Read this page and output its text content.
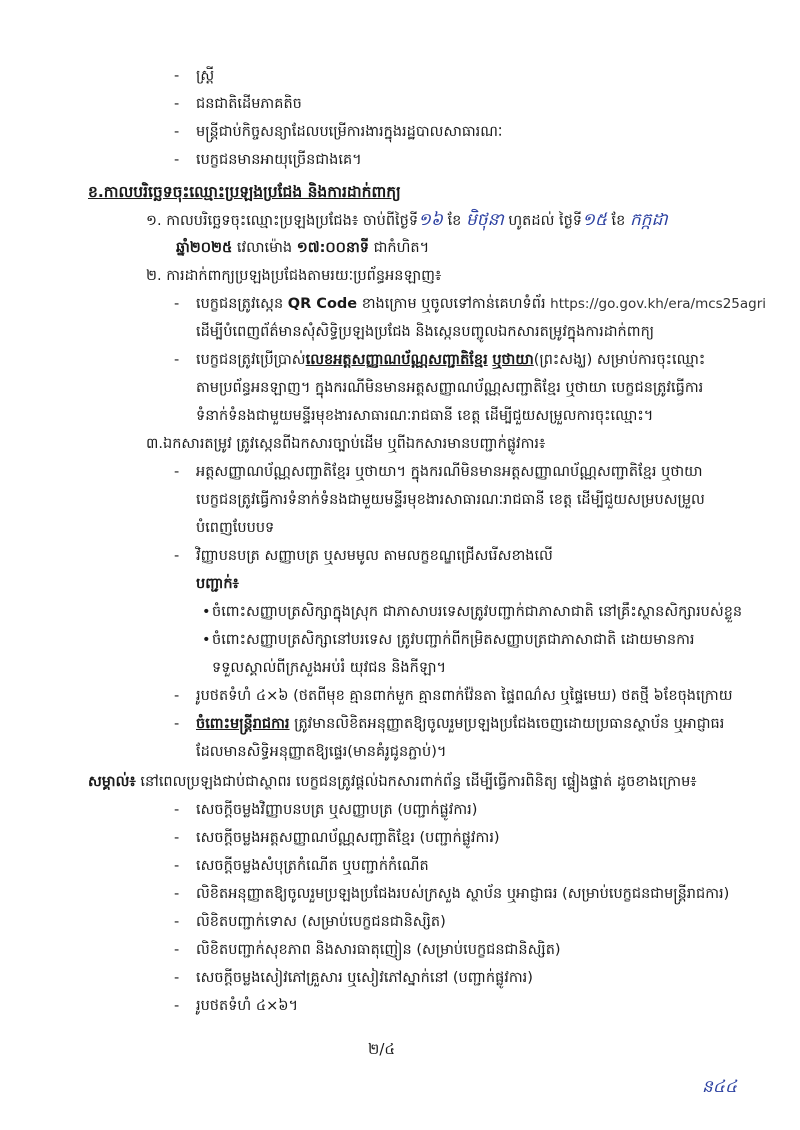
- ស្ត្រី
- ជនជាតិដើមភាគតិច
- មន្ត្រីជាប់កិច្ចសន្យាដែលបម្រើការងារក្នុងរដ្ឋបាលសាធារណៈ
- បេក្ខជនមានអាយុច្រើនជាងគេ។
ខ.កាលបរិច្ឆេទចុះឈ្មោះប្រឡងប្រជែង និងការដាក់ពាក្យ
១. កាលបរិច្ឆេទចុះឈ្មោះប្រឡងប្រជែង៖ ចាប់ពីថ្ងៃទី១៦ ខែ មិថុនា ហូតដល់ ថ្ងៃទី១៥ ខែ កក្កដា
ឆ្នាំ២០២៥ វេលាម៉ោង ១៧:០០នាទី ជាកំហិត។
២. ការដាក់ពាក្យប្រឡងប្រជែងតាមរយៈប្រព័ន្ធអនឡាញ៖
- បេក្ខជនត្រូវស្កេន QR Code ខាងក្រោម ឬចូលទៅកាន់គេហទំព័រ https://go.gov.kh/era/mcs25agri
ដើម្បីបំពេញព័ត៌មានសុំសិទ្ធិប្រឡងប្រជែង និងស្កេនបញ្ចូលឯកសារតម្រូវក្នុងការដាក់ពាក្យ
- បេក្ខជនត្រូវប្រើប្រាស់លេខអត្តសញ្ញាណប័ណ្ណសញ្ជាតិខ្មែរ ឬថាយា(ព្រះសង្ឃ) សម្រាប់ការចុះឈ្មោះ
តាមប្រព័ន្ធអនឡាញ។ ក្នុងករណីមិនមានអត្តសញ្ញាណប័ណ្ណសញ្ជាតិខ្មែរ ឬថាយា បេក្ខជនត្រូវធ្វើការ
ទំនាក់ទំនងជាមួយមន្ទីរមុខងារសាធារណៈរាជធានី ខេត្ត ដើម្បីជួយសម្រួលការចុះឈ្មោះ។
៣.ឯកសារតម្រូវ ត្រូវស្កេនពីឯកសារច្បាប់ដើម ឬពីឯកសារមានបញ្ជាក់ផ្លូវការ៖
- អត្តសញ្ញាណប័ណ្ណសញ្ជាតិខ្មែរ ឬថាយា។ ក្នុងករណីមិនមានអត្តសញ្ញាណប័ណ្ណសញ្ជាតិខ្មែរ ឬថាយា
បេក្ខជនត្រូវធ្វើការទំនាក់ទំនងជាមួយមន្ទីរមុខងារសាធារណៈរាជធានី ខេត្ត ដើម្បីជួយសម្របសម្រួល
បំពេញបែបបទ
- វិញ្ញាបនបត្រ សញ្ញាបត្រ ឬសមមូល តាមលក្ខខណ្ឌជ្រើសរើសខាងលើ
បញ្ជាក់៖
• ចំពោះសញ្ញាបត្រសិក្សាក្នុងស្រុក ជាភាសាបរទេសត្រូវបញ្ជាក់ជាភាសាជាតិ នៅគ្រឹះស្ថានសិក្សារបស់ខ្លួន
• ចំពោះសញ្ញាបត្រសិក្សានៅបរទេស ត្រូវបញ្ជាក់ពីកម្រិតសញ្ញាបត្រជាភាសាជាតិ ដោយមានការ
ទទួលស្គាល់ពីក្រសួងអប់រំ យុវជន និងកីឡា។
- រូបថតទំហំ ៤×៦ (ថតពីមុខ គ្មានពាក់មួក គ្មានពាក់វ៉ែនតា ផ្ទៃពណ៌ស ឬផ្ទៃមេឃ) ថតថ្មី ៦ខែចុងក្រោយ
- ចំពោះមន្ត្រីរាជការ ត្រូវមានលិខិតអនុញ្ញាតឱ្យចូលរួមប្រឡងប្រជែងចេញដោយប្រធានស្ថាប័ន ឬអាជ្ញាធរ
ដែលមានសិទ្ធិអនុញ្ញាតឱ្យផ្ទេរ(មានគំរូជូនភ្ជាប់)។
សម្គាល់៖ នៅពេលប្រឡងជាប់ជាស្ថាពរ បេក្ខជនត្រូវផ្តល់ឯកសារពាក់ព័ន្ធ ដើម្បីធ្វើការពិនិត្យ ផ្ទៀងផ្ទាត់ ដូចខាងក្រោម៖
- សេចក្តីចម្លងវិញ្ញាបនបត្រ ឬសញ្ញាបត្រ (បញ្ជាក់ផ្លូវការ)
- សេចក្តីចម្លងអត្តសញ្ញាណប័ណ្ណសញ្ជាតិខ្មែរ (បញ្ជាក់ផ្លូវការ)
- សេចក្តីចម្លងសំបុត្រកំណើត ឬបញ្ជាក់កំណើត
- លិខិតអនុញ្ញាតឱ្យចូលរួមប្រឡងប្រជែងរបស់ក្រសួង ស្ថាប័ន ឬអាជ្ញាធរ (សម្រាប់បេក្ខជនជាមន្ត្រីរាជការ)
- លិខិតបញ្ជាក់ទោស (សម្រាប់បេក្ខជនជានិស្សិត)
- លិខិតបញ្ជាក់សុខភាព និងសារធាតុញៀន (សម្រាប់បេក្ខជនជានិស្សិត)
- សេចក្តីចម្លងសៀវភៅគ្រួសារ ឬសៀវភៅស្នាក់នៅ (បញ្ជាក់ផ្លូវការ)
- រូបថតទំហំ ៤×៦។
២/៤
ន៤៤
